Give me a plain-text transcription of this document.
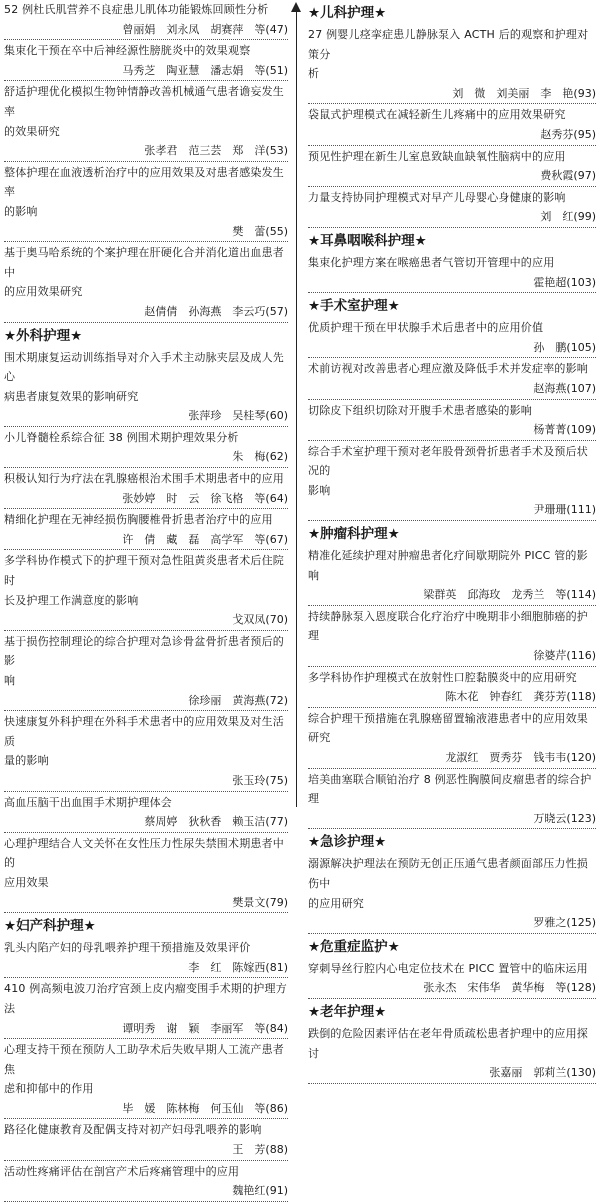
52 例杜氏肌营养不良症患儿肌体功能锻炼回顾性分析
曾丽娟　刘永凤　胡赛萍　等(47)
集束化干预在卒中后神经源性膀胱炎中的效果观察
马秀芝　陶亚慧　潘志娟　等(51)
舒适护理优化模拟生物钟情静改善机械通气患者谵妄发生率
的效果研究
张孝君　范三芸　郑　洋(53)
整体护理在血液透析治疗中的应用效果及对患者感染发生率
的影响
樊　蕾(55)
基于奥马哈系统的个案护理在肝硬化合并消化道出血患者中
的应用效果研究
赵倩倩　孙海燕　李云巧(57)
★外科护理★
围术期康复运动训练指导对介入手术主动脉夹层及成人先心
病患者康复效果的影响研究
张萍珍　吴桂琴(60)
小儿脊髓栓系综合征 38 例围术期护理效果分析
朱　梅(62)
积极认知行为疗法在乳腺癌根治术围手术期患者中的应用
张妙婷　时　云　徐飞格　等(64)
精细化护理在无神经损伤胸腰椎骨折患者治疗中的应用
许　倩　藏　磊　高学军　等(67)
多学科协作模式下的护理干预对急性阻黄炎患者术后住院时
长及护理工作满意度的影响
戈双凤(70)
基于损伤控制理论的综合护理对急诊骨盆骨折患者预后的影
响
徐珍丽　黄海燕(72)
快速康复外科护理在外科手术患者中的应用效果及对生活质
量的影响
张玉玲(75)
高血压脑干出血围手术期护理体会
蔡周婷　狄秋香　赖玉洁(77)
心理护理结合人文关怀在女性压力性尿失禁围术期患者中的
应用效果
樊景文(79)
★妇产科护理★
乳头内陷产妇的母乳喂养护理干预措施及效果评价
李　红　陈嫁西(81)
410 例高频电波刀治疗宫颈上皮内瘤变围手术期的护理方法
谭明秀　谢　颖　李丽军　等(84)
心理支持干预在预防人工助孕术后失败早期人工流产患者焦
虑和抑郁中的作用
毕　媛　陈林梅　何玉仙　等(86)
路径化健康教育及配偶支持对初产妇母乳喂养的影响
王　芳(88)
活动性疼痛评估在剖宫产术后疼痛管理中的应用
魏艳红(91)
★儿科护理★
27 例婴儿痉挛症患儿静脉泵入 ACTH 后的观察和护理对策分
析
刘　微　刘美丽　李　艳(93)
袋鼠式护理模式在减轻新生儿疼痛中的应用效果研究
赵秀芬(95)
预见性护理在新生儿室息致缺血缺氧性脑病中的应用
费秋霞(97)
力量支持协同护理模式对早产儿母婴心身健康的影响
刘　红(99)
★耳鼻咽喉科护理★
集束化护理方案在喉癌患者气管切开管理中的应用
霍艳超(103)
★手术室护理★
优质护理干预在甲状腺手术后患者中的应用价值
孙　鹏(105)
术前访视对改善患者心理应激及降低手术并发症率的影响
赵海燕(107)
切除皮下组织切除对开腹手术患者感染的影响
杨菁菁(109)
综合手术室护理干预对老年股骨颈骨折患者手术及预后状况的
影响
尹珊珊(111)
★肿瘤科护理★
精准化延续护理对肿瘤患者化疗间歇期院外 PICC 管的影响
梁群英　邱海玫　龙秀兰　等(114)
持续静脉泵入恩度联合化疗治疗中晚期非小细胞肺癌的护理
徐婆芹(116)
多学科协作护理模式在放射性口腔黏膜炎中的应用研究
陈木花　钟春红　龚芬芳(118)
综合护理干预措施在乳腺癌留置输液港患者中的应用效果研究
龙淑红　贾秀芬　钱韦韦(120)
培美曲塞联合顺铂治疗 8 例恶性胸膜间皮瘤患者的综合护理
万晓云(123)
★急诊护理★
溺源解决护理法在预防无创正压通气患者颜面部压力性损伤中
的应用研究
罗雅之(125)
★危重症监护★
穿刺导丝行腔内心电定位技术在 PICC 置管中的临床运用
张永杰　宋伟华　黄华梅　等(128)
★老年护理★
跌倒的危险因素评估在老年骨质疏松患者护理中的应用探讨
张嘉丽　郭莉兰(130)
